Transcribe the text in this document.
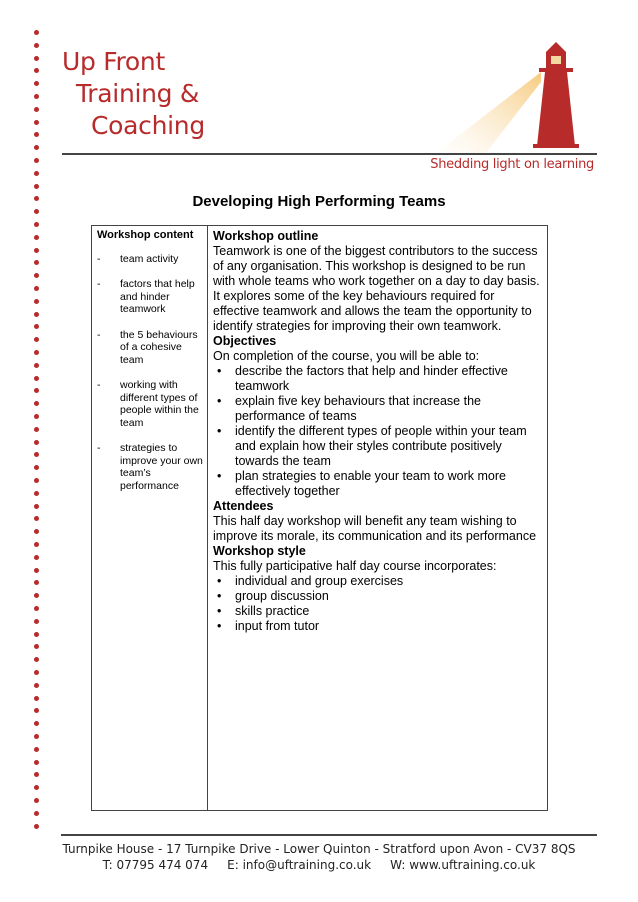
Up Front
Training &
Coaching
Shedding light on learning
Developing High Performing Teams
Workshop content
- team activity
- factors that help and hinder teamwork
- the 5 behaviours of a cohesive team
- working with different types of people within the team
- strategies to improve your own team’s performance
Workshop outline

Teamwork is one of the biggest contributors to the success of any organisation. This workshop is designed to be run with whole teams who work together on a day to day basis. It explores some of the key behaviours required for effective teamwork and allows the team the opportunity to identify strategies for improving their own teamwork.

Objectives

On completion of the course, you will be able to:

• describe the factors that help and hinder effective teamwork
• explain five key behaviours that increase the performance of teams
• identify the different types of people within your team and explain how their styles contribute positively towards the team
• plan strategies to enable your team to work more effectively together
Attendees

This half day workshop will benefit any team wishing to improve its morale, its communication and its performance

Workshop style

This fully participative half day course incorporates:

• individual and group exercises
• group discussion
• skills practice
• input from tutor
Turnpike House - 17 Turnpike Drive - Lower Quinton - Stratford upon Avon - CV37 8QS
T: 07795 474 074     E: info@uftraining.co.uk     W: www.uftraining.co.uk
